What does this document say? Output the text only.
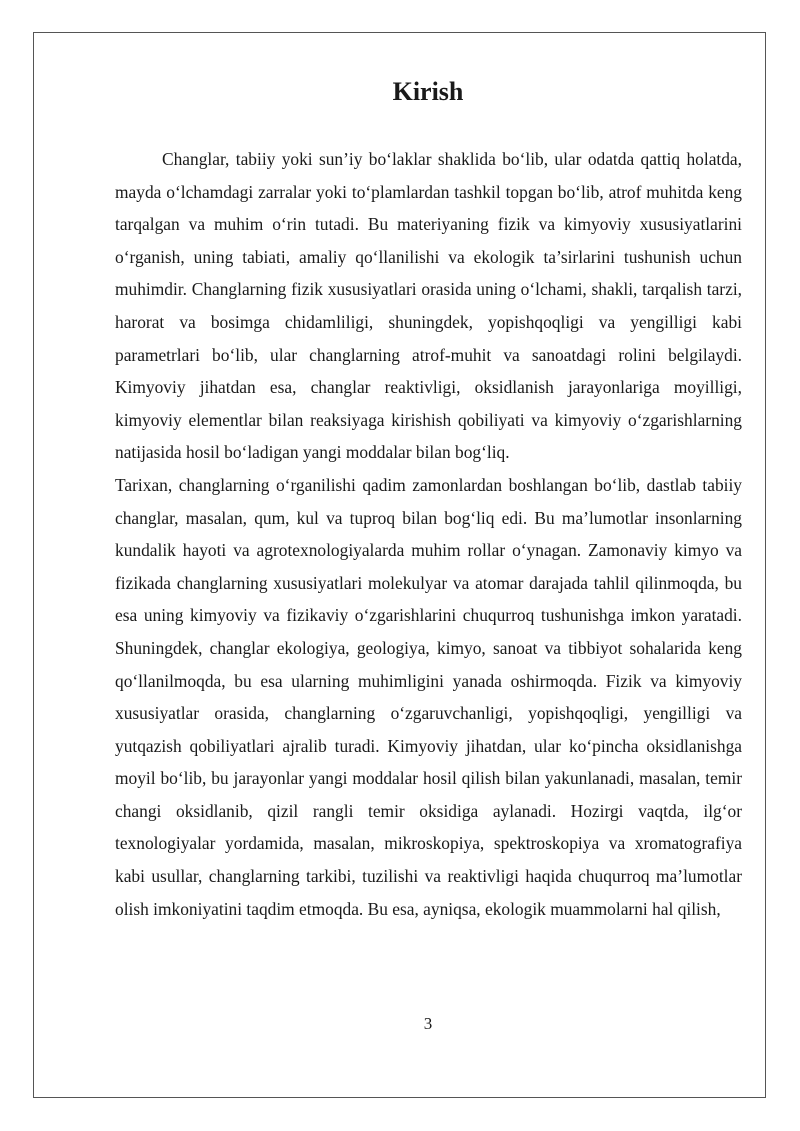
Kirish

Changlar, tabiiy yoki sun’iy bo‘laklar shaklida bo‘lib, ular odatda qattiq holatda, mayda o‘lchamdagi zarralar yoki to‘plamlardan tashkil topgan bo‘lib, atrof muhitda keng tarqalgan va muhim o‘rin tutadi. Bu materiyaning fizik va kimyoviy xususiyatlarini o‘rganish, uning tabiati, amaliy qo‘llanilishi va ekologik ta’sirlarini tushunish uchun muhimdir. Changlarning fizik xususiyatlari orasida uning o‘lchami, shakli, tarqalish tarzi, harorat va bosimga chidamliligi, shuningdek, yopishqoqligi va yengilligi kabi parametrlari bo‘lib, ular changlarning atrof-muhit va sanoatdagi rolini belgilaydi. Kimyoviy jihatdan esa, changlar reaktivligi, oksidlanish jarayonlariga moyilligi, kimyoviy elementlar bilan reaksiyaga kirishish qobiliyati va kimyoviy o‘zgarishlarning natijasida hosil bo‘ladigan yangi moddalar bilan bog‘liq.

Tarixan, changlarning o‘rganilishi qadim zamonlardan boshlangan bo‘lib, dastlab tabiiy changlar, masalan, qum, kul va tuproq bilan bog‘liq edi. Bu ma’lumotlar insonlarning kundalik hayoti va agrotexnologiyalarda muhim rollar o‘ynagan. Zamonaviy kimyo va fizikada changlarning xususiyatlari molekulyar va atomar darajada tahlil qilinmoqda, bu esa uning kimyoviy va fizikaviy o‘zgarishlarini chuqurroq tushunishga imkon yaratadi. Shuningdek, changlar ekologiya, geologiya, kimyo, sanoat va tibbiyot sohalarida keng qo‘llanilmoqda, bu esa ularning muhimligini yanada oshirmoqda. Fizik va kimyoviy xususiyatlar orasida, changlarning o‘zgaruvchanligi, yopishqoqligi, yengilligi va yutqazish qobiliyatlari ajralib turadi. Kimyoviy jihatdan, ular ko‘pincha oksidlanishga moyil bo‘lib, bu jarayonlar yangi moddalar hosil qilish bilan yakunlanadi, masalan, temir changi oksidlanib, qizil rangli temir oksidiga aylanadi. Hozirgi vaqtda, ilg‘or texnologiyalar yordamida, masalan, mikroskopiya, spektroskopiya va xromatografiya kabi usullar, changlarning tarkibi, tuzilishi va reaktivligi haqida chuqurroq ma’lumotlar olish imkoniyatini taqdim etmoqda. Bu esa, ayniqsa, ekologik muammolarni hal qilish,

3
